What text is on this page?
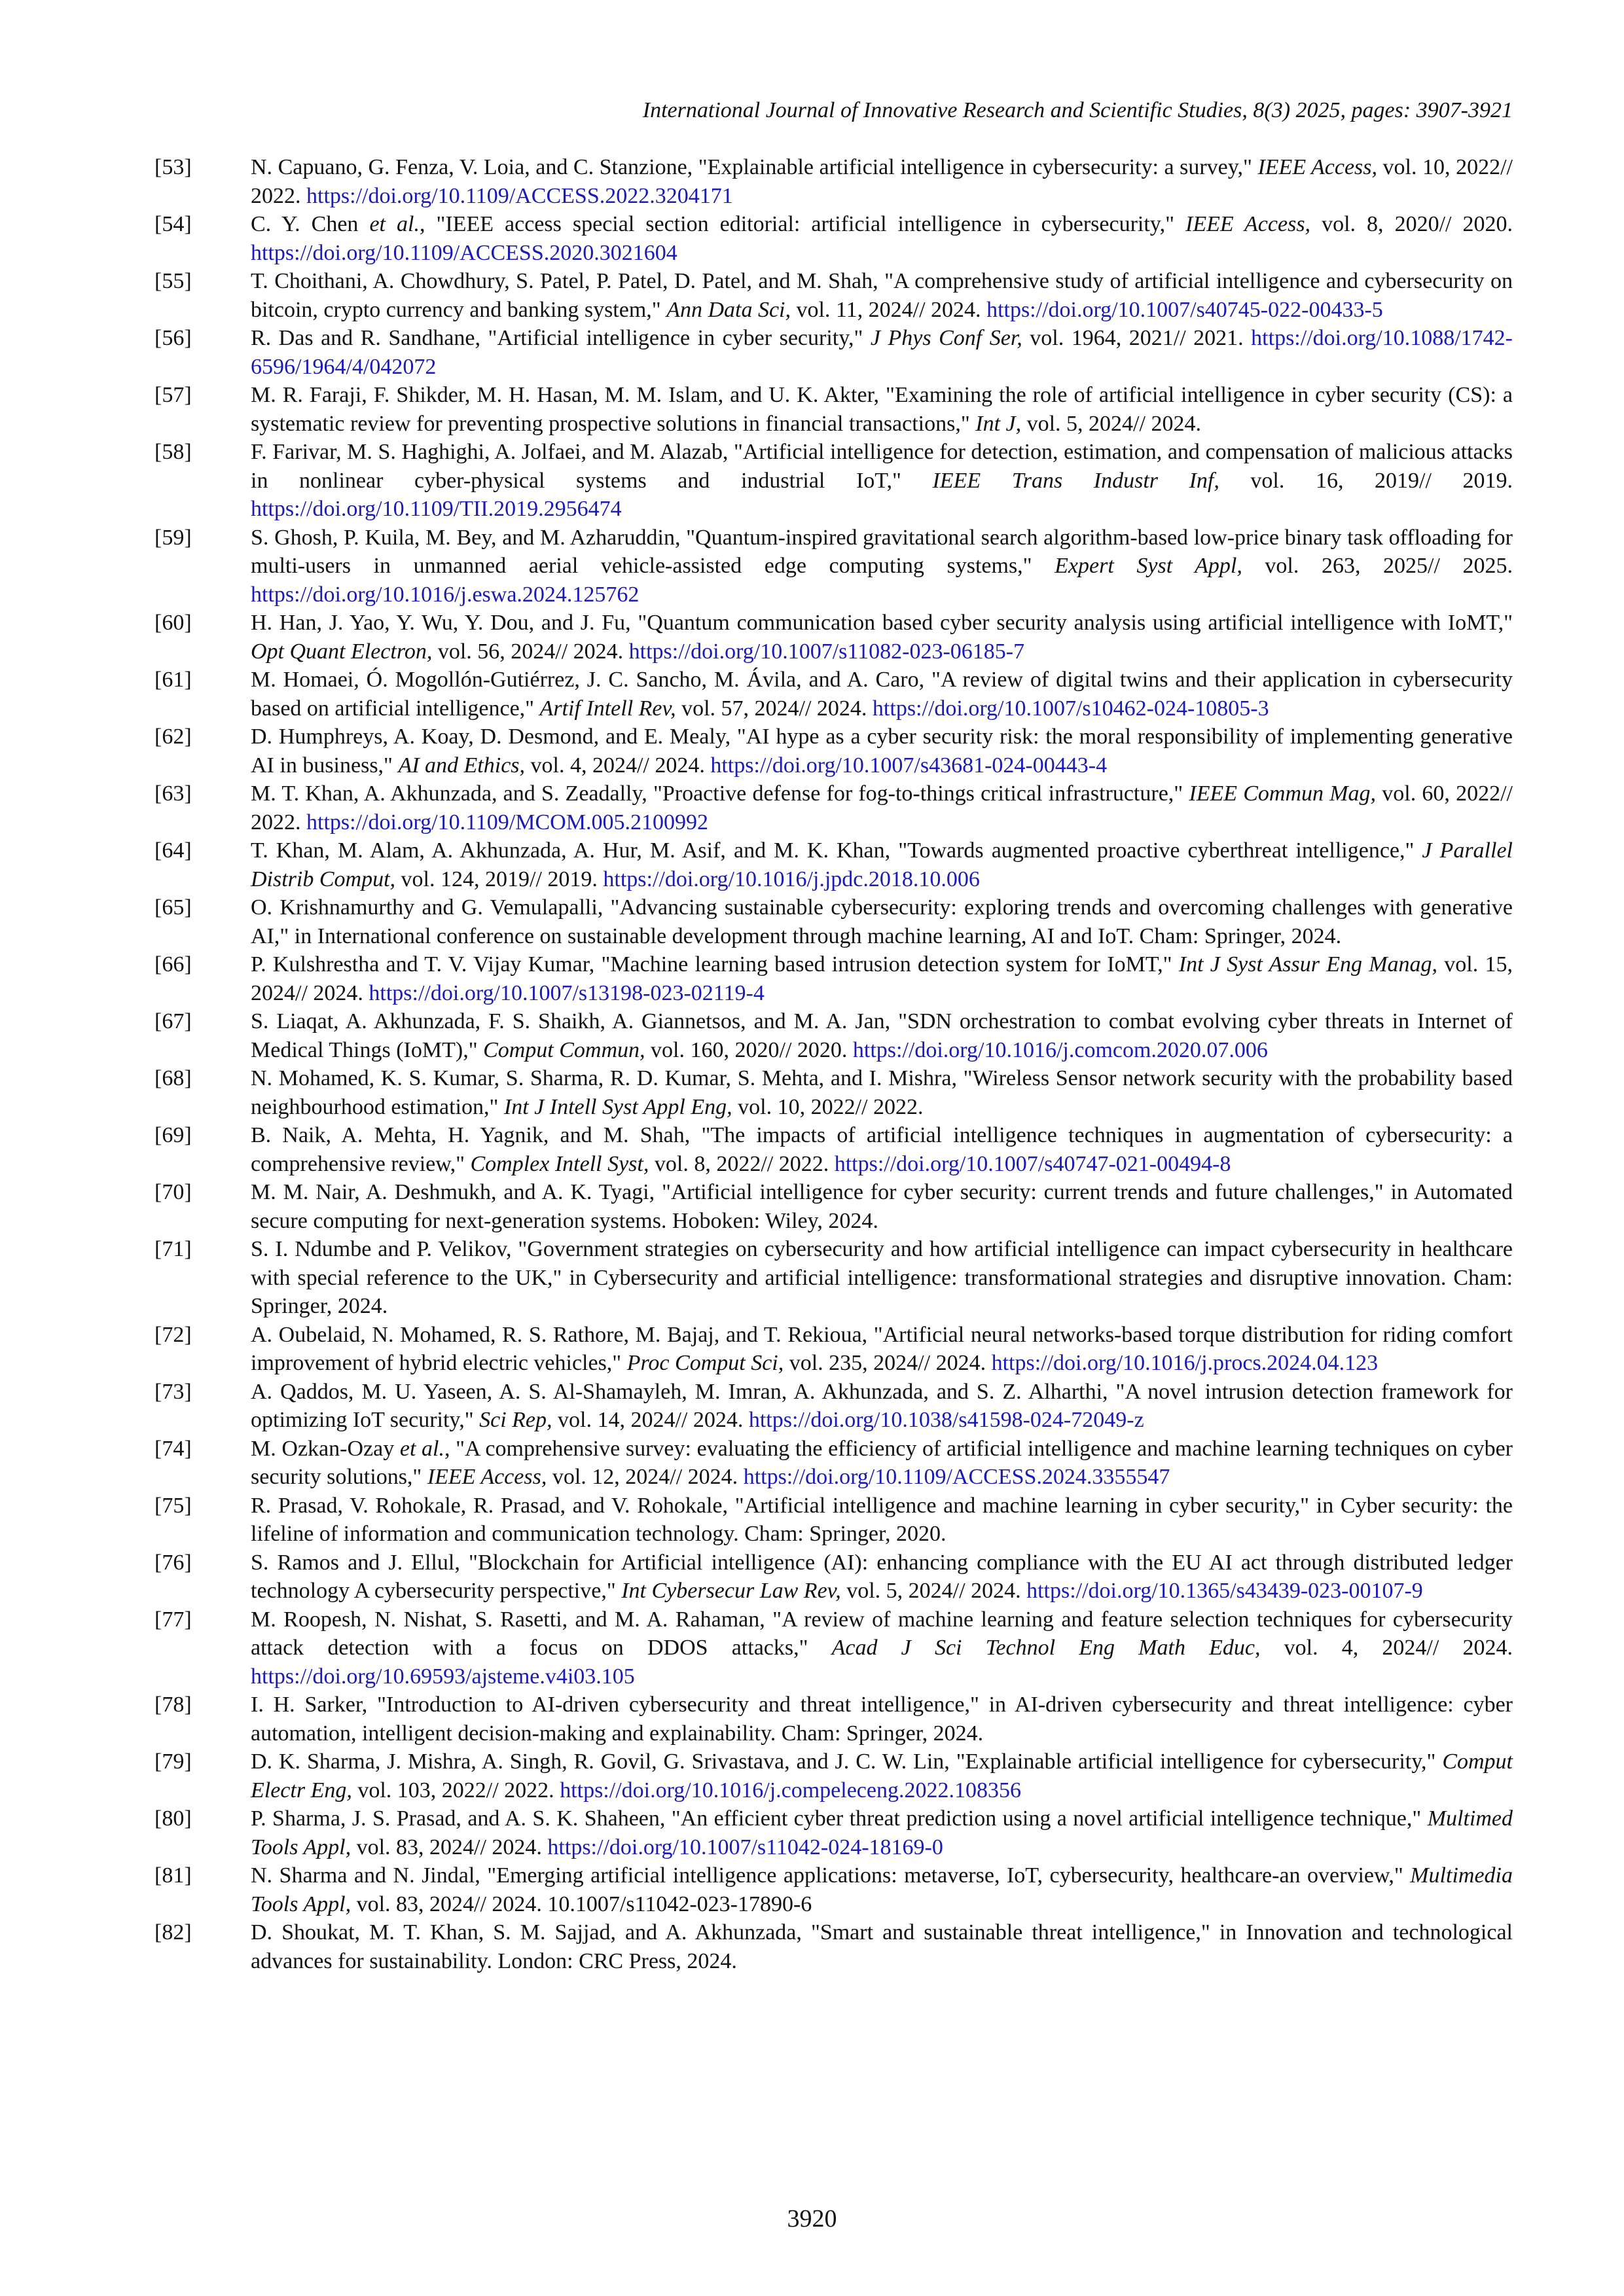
International Journal of Innovative Research and Scientific Studies, 8(3) 2025, pages: 3907-3921
[53]	N. Capuano, G. Fenza, V. Loia, and C. Stanzione, "Explainable artificial intelligence in cybersecurity: a survey," IEEE Access, vol. 10, 2022// 2022. https://doi.org/10.1109/ACCESS.2022.3204171
[54]	C. Y. Chen et al., "IEEE access special section editorial: artificial intelligence in cybersecurity," IEEE Access, vol. 8, 2020// 2020. https://doi.org/10.1109/ACCESS.2020.3021604
[55]	T. Choithani, A. Chowdhury, S. Patel, P. Patel, D. Patel, and M. Shah, "A comprehensive study of artificial intelligence and cybersecurity on bitcoin, crypto currency and banking system," Ann Data Sci, vol. 11, 2024// 2024. https://doi.org/10.1007/s40745-022-00433-5
[56]	R. Das and R. Sandhane, "Artificial intelligence in cyber security," J Phys Conf Ser, vol. 1964, 2021// 2021. https://doi.org/10.1088/1742-6596/1964/4/042072
[57]	M. R. Faraji, F. Shikder, M. H. Hasan, M. M. Islam, and U. K. Akter, "Examining the role of artificial intelligence in cyber security (CS): a systematic review for preventing prospective solutions in financial transactions," Int J, vol. 5, 2024// 2024.
[58]	F. Farivar, M. S. Haghighi, A. Jolfaei, and M. Alazab, "Artificial intelligence for detection, estimation, and compensation of malicious attacks in nonlinear cyber-physical systems and industrial IoT," IEEE Trans Industr Inf, vol. 16, 2019// 2019. https://doi.org/10.1109/TII.2019.2956474
[59]	S. Ghosh, P. Kuila, M. Bey, and M. Azharuddin, "Quantum-inspired gravitational search algorithm-based low-price binary task offloading for multi-users in unmanned aerial vehicle-assisted edge computing systems," Expert Syst Appl, vol. 263, 2025// 2025. https://doi.org/10.1016/j.eswa.2024.125762
[60]	H. Han, J. Yao, Y. Wu, Y. Dou, and J. Fu, "Quantum communication based cyber security analysis using artificial intelligence with IoMT," Opt Quant Electron, vol. 56, 2024// 2024. https://doi.org/10.1007/s11082-023-06185-7
[61]	M. Homaei, Ó. Mogollón-Gutiérrez, J. C. Sancho, M. Ávila, and A. Caro, "A review of digital twins and their application in cybersecurity based on artificial intelligence," Artif Intell Rev, vol. 57, 2024// 2024. https://doi.org/10.1007/s10462-024-10805-3
[62]	D. Humphreys, A. Koay, D. Desmond, and E. Mealy, "AI hype as a cyber security risk: the moral responsibility of implementing generative AI in business," AI and Ethics, vol. 4, 2024// 2024. https://doi.org/10.1007/s43681-024-00443-4
[63]	M. T. Khan, A. Akhunzada, and S. Zeadally, "Proactive defense for fog-to-things critical infrastructure," IEEE Commun Mag, vol. 60, 2022// 2022. https://doi.org/10.1109/MCOM.005.2100992
[64]	T. Khan, M. Alam, A. Akhunzada, A. Hur, M. Asif, and M. K. Khan, "Towards augmented proactive cyberthreat intelligence," J Parallel Distrib Comput, vol. 124, 2019// 2019. https://doi.org/10.1016/j.jpdc.2018.10.006
[65]	O. Krishnamurthy and G. Vemulapalli, "Advancing sustainable cybersecurity: exploring trends and overcoming challenges with generative AI," in International conference on sustainable development through machine learning, AI and IoT. Cham: Springer, 2024.
[66]	P. Kulshrestha and T. V. Vijay Kumar, "Machine learning based intrusion detection system for IoMT," Int J Syst Assur Eng Manag, vol. 15, 2024// 2024. https://doi.org/10.1007/s13198-023-02119-4
[67]	S. Liaqat, A. Akhunzada, F. S. Shaikh, A. Giannetsos, and M. A. Jan, "SDN orchestration to combat evolving cyber threats in Internet of Medical Things (IoMT)," Comput Commun, vol. 160, 2020// 2020. https://doi.org/10.1016/j.comcom.2020.07.006
[68]	N. Mohamed, K. S. Kumar, S. Sharma, R. D. Kumar, S. Mehta, and I. Mishra, "Wireless Sensor network security with the probability based neighbourhood estimation," Int J Intell Syst Appl Eng, vol. 10, 2022// 2022.
[69]	B. Naik, A. Mehta, H. Yagnik, and M. Shah, "The impacts of artificial intelligence techniques in augmentation of cybersecurity: a comprehensive review," Complex Intell Syst, vol. 8, 2022// 2022. https://doi.org/10.1007/s40747-021-00494-8
[70]	M. M. Nair, A. Deshmukh, and A. K. Tyagi, "Artificial intelligence for cyber security: current trends and future challenges," in Automated secure computing for next-generation systems. Hoboken: Wiley, 2024.
[71]	S. I. Ndumbe and P. Velikov, "Government strategies on cybersecurity and how artificial intelligence can impact cybersecurity in healthcare with special reference to the UK," in Cybersecurity and artificial intelligence: transformational strategies and disruptive innovation. Cham: Springer, 2024.
[72]	A. Oubelaid, N. Mohamed, R. S. Rathore, M. Bajaj, and T. Rekioua, "Artificial neural networks-based torque distribution for riding comfort improvement of hybrid electric vehicles," Proc Comput Sci, vol. 235, 2024// 2024. https://doi.org/10.1016/j.procs.2024.04.123
[73]	A. Qaddos, M. U. Yaseen, A. S. Al-Shamayleh, M. Imran, A. Akhunzada, and S. Z. Alharthi, "A novel intrusion detection framework for optimizing IoT security," Sci Rep, vol. 14, 2024// 2024. https://doi.org/10.1038/s41598-024-72049-z
[74]	M. Ozkan-Ozay et al., "A comprehensive survey: evaluating the efficiency of artificial intelligence and machine learning techniques on cyber security solutions," IEEE Access, vol. 12, 2024// 2024. https://doi.org/10.1109/ACCESS.2024.3355547
[75]	R. Prasad, V. Rohokale, R. Prasad, and V. Rohokale, "Artificial intelligence and machine learning in cyber security," in Cyber security: the lifeline of information and communication technology. Cham: Springer, 2020.
[76]	S. Ramos and J. Ellul, "Blockchain for Artificial intelligence (AI): enhancing compliance with the EU AI act through distributed ledger technology A cybersecurity perspective," Int Cybersecur Law Rev, vol. 5, 2024// 2024. https://doi.org/10.1365/s43439-023-00107-9
[77]	M. Roopesh, N. Nishat, S. Rasetti, and M. A. Rahaman, "A review of machine learning and feature selection techniques for cybersecurity attack detection with a focus on DDOS attacks," Acad J Sci Technol Eng Math Educ, vol. 4, 2024// 2024. https://doi.org/10.69593/ajsteme.v4i03.105
[78]	I. H. Sarker, "Introduction to AI-driven cybersecurity and threat intelligence," in AI-driven cybersecurity and threat intelligence: cyber automation, intelligent decision-making and explainability. Cham: Springer, 2024.
[79]	D. K. Sharma, J. Mishra, A. Singh, R. Govil, G. Srivastava, and J. C. W. Lin, "Explainable artificial intelligence for cybersecurity," Comput Electr Eng, vol. 103, 2022// 2022. https://doi.org/10.1016/j.compeleceng.2022.108356
[80]	P. Sharma, J. S. Prasad, and A. S. K. Shaheen, "An efficient cyber threat prediction using a novel artificial intelligence technique," Multimed Tools Appl, vol. 83, 2024// 2024. https://doi.org/10.1007/s11042-024-18169-0
[81]	N. Sharma and N. Jindal, "Emerging artificial intelligence applications: metaverse, IoT, cybersecurity, healthcare-an overview," Multimedia Tools Appl, vol. 83, 2024// 2024. 10.1007/s11042-023-17890-6
[82]	D. Shoukat, M. T. Khan, S. M. Sajjad, and A. Akhunzada, "Smart and sustainable threat intelligence," in Innovation and technological advances for sustainability. London: CRC Press, 2024.
3920
